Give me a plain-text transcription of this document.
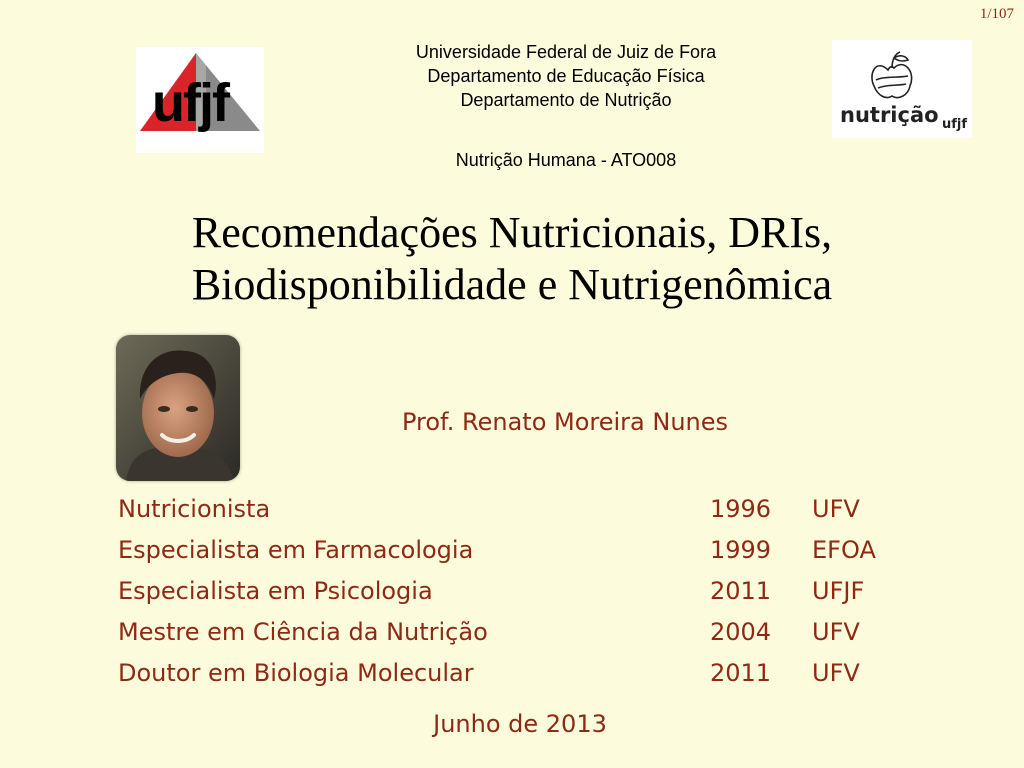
1/107
ufjf	nutrição ufjf
Universidade Federal de Juiz de Fora
Departamento de Educação Física
Departamento de Nutrição
Nutrição Humana - ATO008
Recomendações Nutricionais, DRIs,
Biodisponibilidade e Nutrigenômica
Prof. Renato Moreira Nunes
Nutricionista	1996	UFV
Especialista em Farmacologia	1999	EFOA
Especialista em Psicologia	2011	UFJF
Mestre em Ciência da Nutrição	2004	UFV
Doutor em Biologia Molecular	2011	UFV
Junho de 2013
